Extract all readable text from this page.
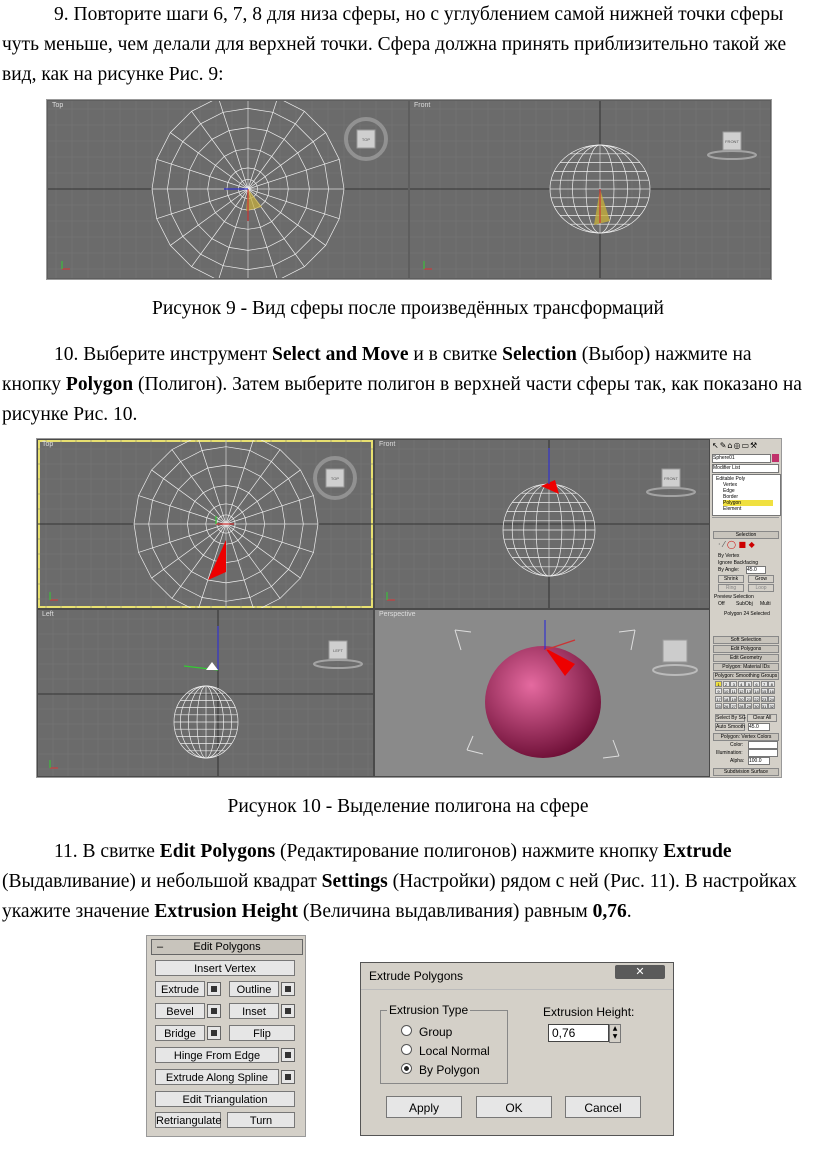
9. Повторите шаги 6, 7, 8 для низа сферы, но с углублением самой нижней точки сферы чуть меньше, чем делали для верхней точки. Сфера должна принять приблизительно такой же вид, как на рисунке Рис. 9:

TOP
Top
FRONT
Front
Рисунок 9 - Вид сферы после произведённых трансформаций

10. Выберите инструмент Select and Move и в свитке Selection (Выбор) нажмите на кнопку Polygon (Полигон). Затем выберите полигон в верхней части сферы так, как показано на рисунке Рис. 10.

TOP
Top
FRONT
Front
LEFT
Left	Perspective
↖✎⌂◎▭⚒
Sphere01
Modifier List
Editable Poly
Vertex
Edge
Border
Polygon
Element
Selection
· ⁄ ◯ ■ ◆
By Vertex
Ignore Backfacing
By Angle: 45.0
Shrink	Grow
Ring	Loop
Preview Selection
Off SubObj Multi
Polygon 24 Selected
Soft Selection
Edit Polygons
Edit Geometry
Polygon: Material IDs
Polygon: Smoothing Groups
1	2	3	4	5	6	7	8
9	10 11 12 13 14 15 16
17 18 19 20 21 22 23 24
25 26 27 28 29 30 31 32
Select By SG	Clear All
Auto Smooth 45.0
Polygon: Vertex Colors
Color:
Illumination:
Alpha: 100.0
Subdivision Surface
Рисунок 10 - Выделение полигона на сфере

11. В свитке Edit Polygons (Редактирование полигонов) нажмите кнопку Extrude (Выдавливание) и небольшой квадрат Settings (Настройки) рядом с ней (Рис. 11). В настройках укажите значение Extrusion Height (Величина выдавливания) равным 0,76.

–	Edit Polygons
Insert Vertex
Extrude	Outline
Bevel	Inset
Bridge	Flip
Hinge From Edge
Extrude Along Spline
Edit Triangulation
Retriangulate	Turn
Extrude Polygons	✕
Extrusion Type
Group
Local Normal
By Polygon
Extrusion Height:
0,76	▲
▼
Apply	OK	Cancel
